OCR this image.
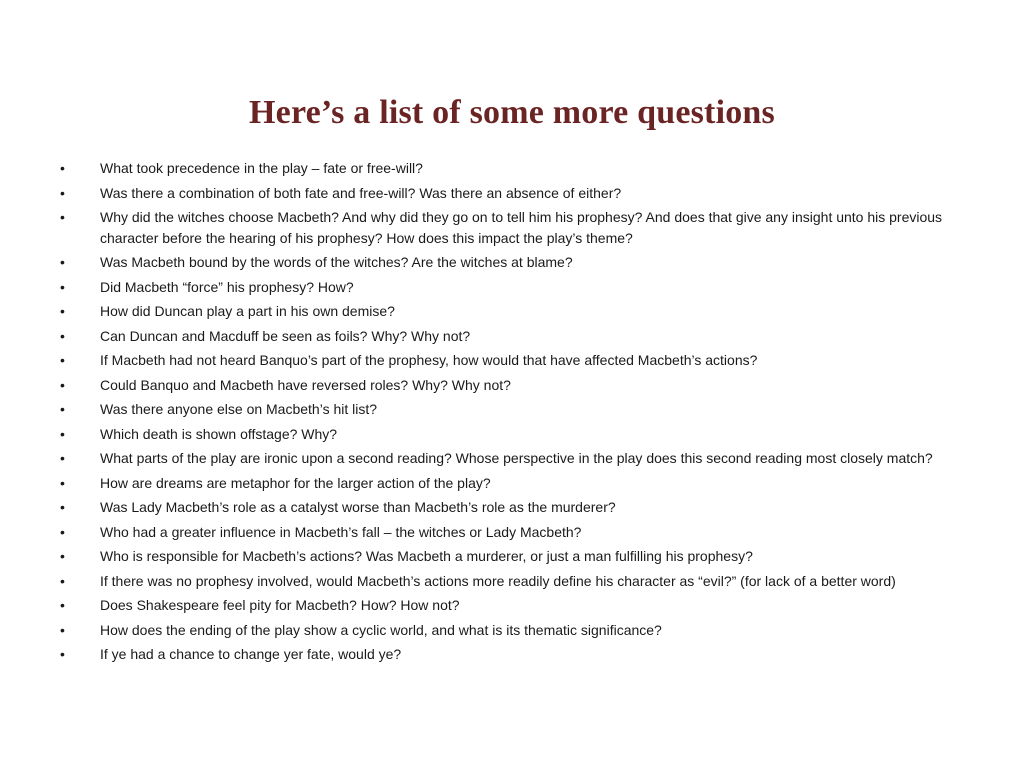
Here’s a list of some more questions
•	What took precedence in the play – fate or free-will?
•	Was there a combination of both fate and free-will? Was there an absence of either?
•	Why did the witches choose Macbeth? And why did they go on to tell him his prophesy? And does that give any insight unto his previous character before the hearing of his prophesy? How does this impact the play’s theme?
•	Was Macbeth bound by the words of the witches? Are the witches at blame?
•	Did Macbeth “force” his prophesy? How?
•	How did Duncan play a part in his own demise?
•	Can Duncan and Macduff be seen as foils? Why? Why not?
•	If Macbeth had not heard Banquo’s part of the prophesy, how would that have affected Macbeth’s actions?
•	Could Banquo and Macbeth have reversed roles? Why? Why not?
•	Was there anyone else on Macbeth’s hit list?
•	Which death is shown offstage? Why?
•	What parts of the play are ironic upon a second reading? Whose perspective in the play does this second reading most closely match?
•	How are dreams are metaphor for the larger action of the play?
•	Was Lady Macbeth’s role as a catalyst worse than Macbeth’s role as the murderer?
•	Who had a greater influence in Macbeth’s fall – the witches or Lady Macbeth?
•	Who is responsible for Macbeth’s actions? Was Macbeth a murderer, or just a man fulfilling his prophesy?
•	If there was no prophesy involved, would Macbeth’s actions more readily define his character as “evil?” (for lack of a better word)
•	Does Shakespeare feel pity for Macbeth? How? How not?
•	How does the ending of the play show a cyclic world, and what is its thematic significance?
•	If ye had a chance to change yer fate, would ye?
